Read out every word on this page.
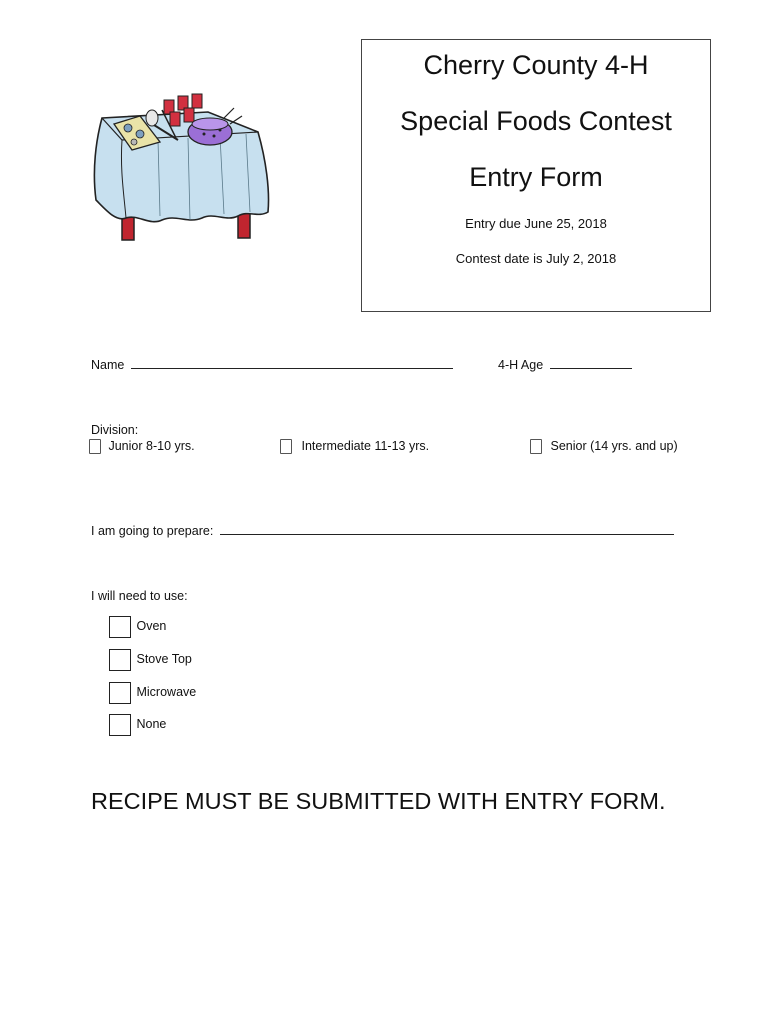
Cherry County 4-H
Special Foods Contest
Entry Form
Entry due June 25, 2018
Contest date is July 2, 2018
Name	4-H Age
Division:
Junior 8-10 yrs.	Intermediate 11-13 yrs.	Senior (14 yrs. and up)
I am going to prepare:
I will need to use:
Oven
Stove Top
Microwave
None
RECIPE MUST BE SUBMITTED WITH ENTRY FORM.
